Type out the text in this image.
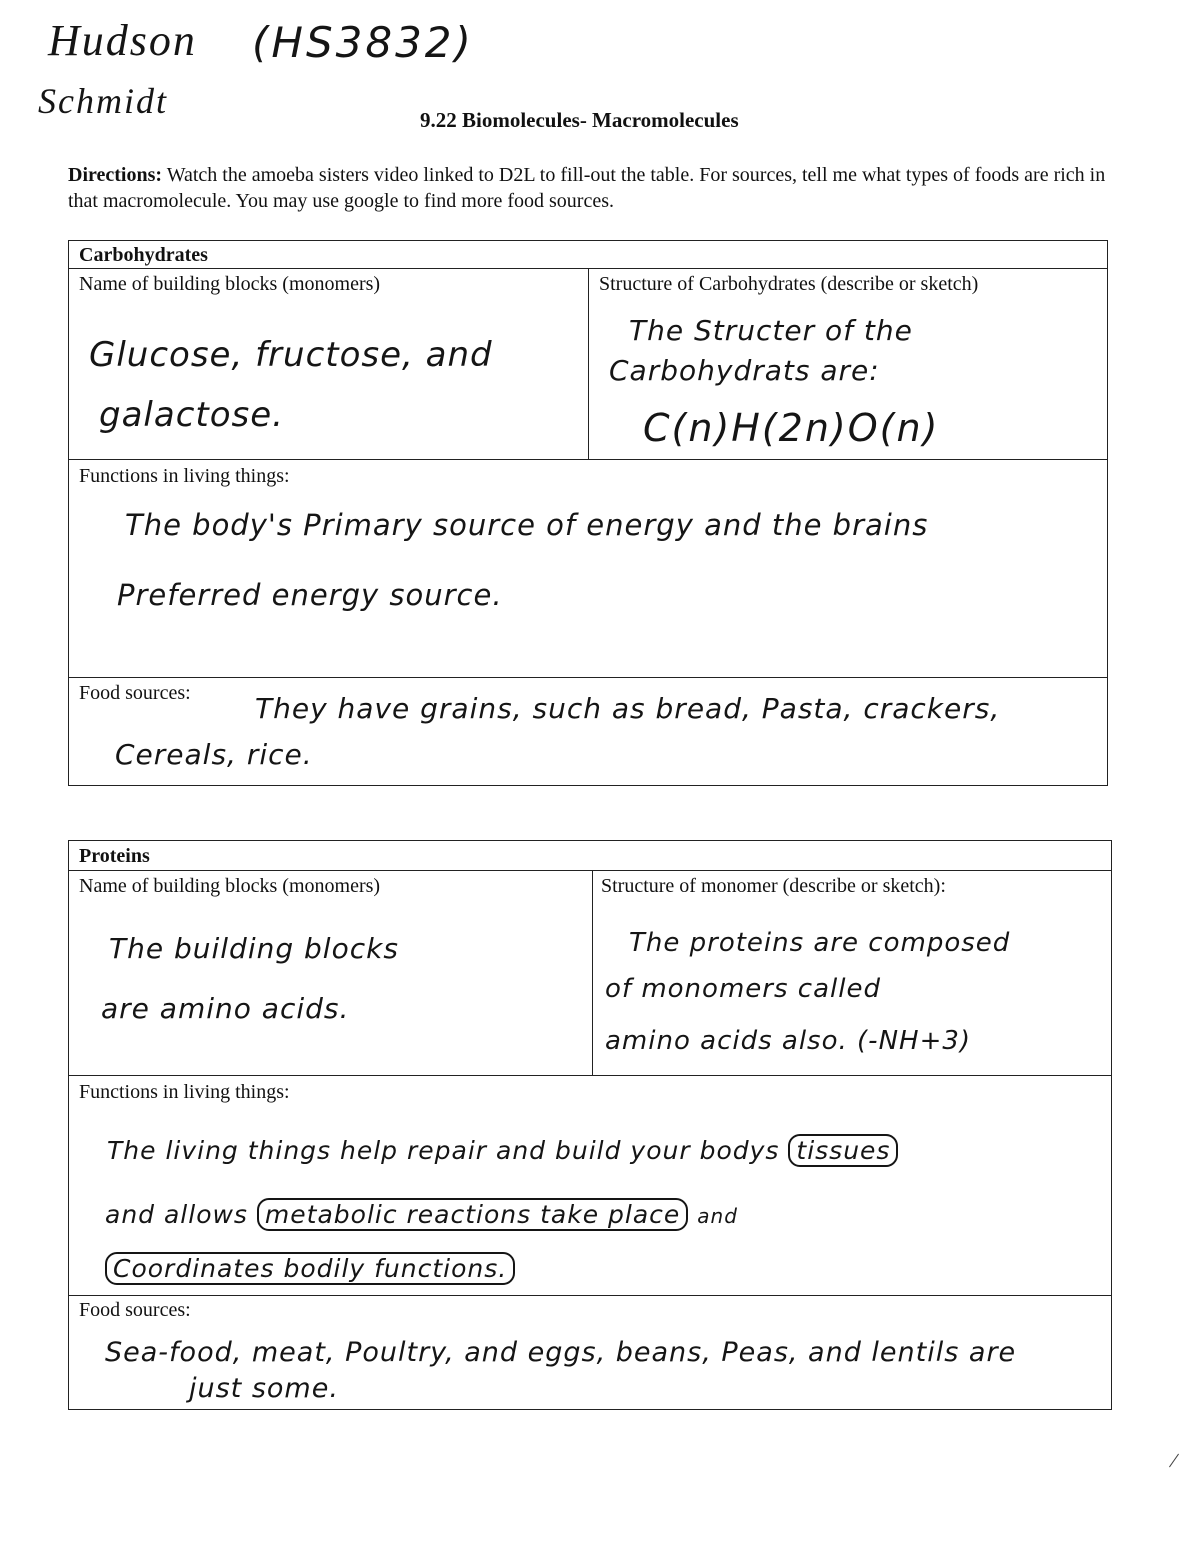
Hudson
Schmidt
(HS3832)
9.22 Biomolecules- Macromolecules
Directions: Watch the amoeba sisters video linked to D2L to fill-out the table. For sources, tell me what types of foods are rich in that macromolecule. You may use google to find more food sources.
Carbohydrates
Name of building blocks (monomers)	Structure of Carbohydrates (describe or sketch)
Glucose, fructose, and
galactose.
The Structer of the
Carbohydrats are:
C(n)H(2n)O(n)
Functions in living things:
The body's Primary source of energy and the brains
Preferred energy source.
Food sources: They have grains, such as bread, Pasta, crackers,
Cereals, rice.
Proteins
Name of building blocks (monomers)	Structure of monomer (describe or sketch):
The building blocks
are amino acids.
The proteins are composed
of monomers called
amino acids also. (-NH+3)
Functions in living things:
The living things help repair and build your bodys tissues
and allows metabolic reactions take place and
Coordinates bodily functions.
Food sources:
Sea-food, meat, Poultry, and eggs, beans, Peas, and lentils are
just some.
